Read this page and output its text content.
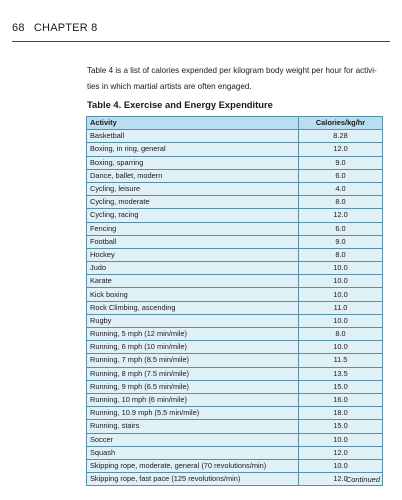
68 CHAPTER 8
Table 4 is a list of calories expended per kilogram body weight per hour for activi-ties in which martial artists are often engaged.
Table 4. Exercise and Energy Expenditure
Activity	Calories/kg/hr
Basketball	8.28
Boxing, in ring, general	12.0
Boxing, sparring	9.0
Dance, ballet, modern	6.0
Cycling, leisure	4.0
Cycling, moderate	8.0
Cycling, racing	12.0
Fencing	6.0
Football	9.0
Hockey	8.0
Judo	10.0
Karate	10.0
Kick boxing	10.0
Rock Climbing, ascending	11.0
Rugby	10.0
Running, 5 mph (12 min/mile)	8.0
Running, 6 mph (10 min/mile)	10.0
Running, 7 mph (8.5 min/mile)	11.5
Running, 8 mph (7.5 min/mile)	13.5
Running, 9 mph (6.5 min/mile)	15.0
Running, 10 mph (6 min/mile)	16.0
Running, 10.9 mph (5.5 min/mile)	18.0
Running, stairs	15.0
Soccer	10.0
Squash	12.0
Skipping rope, moderate, general (70 revolutions/min)	10.0
Skipping rope, fast pace (125 revolutions/min)	12.0
Continued
